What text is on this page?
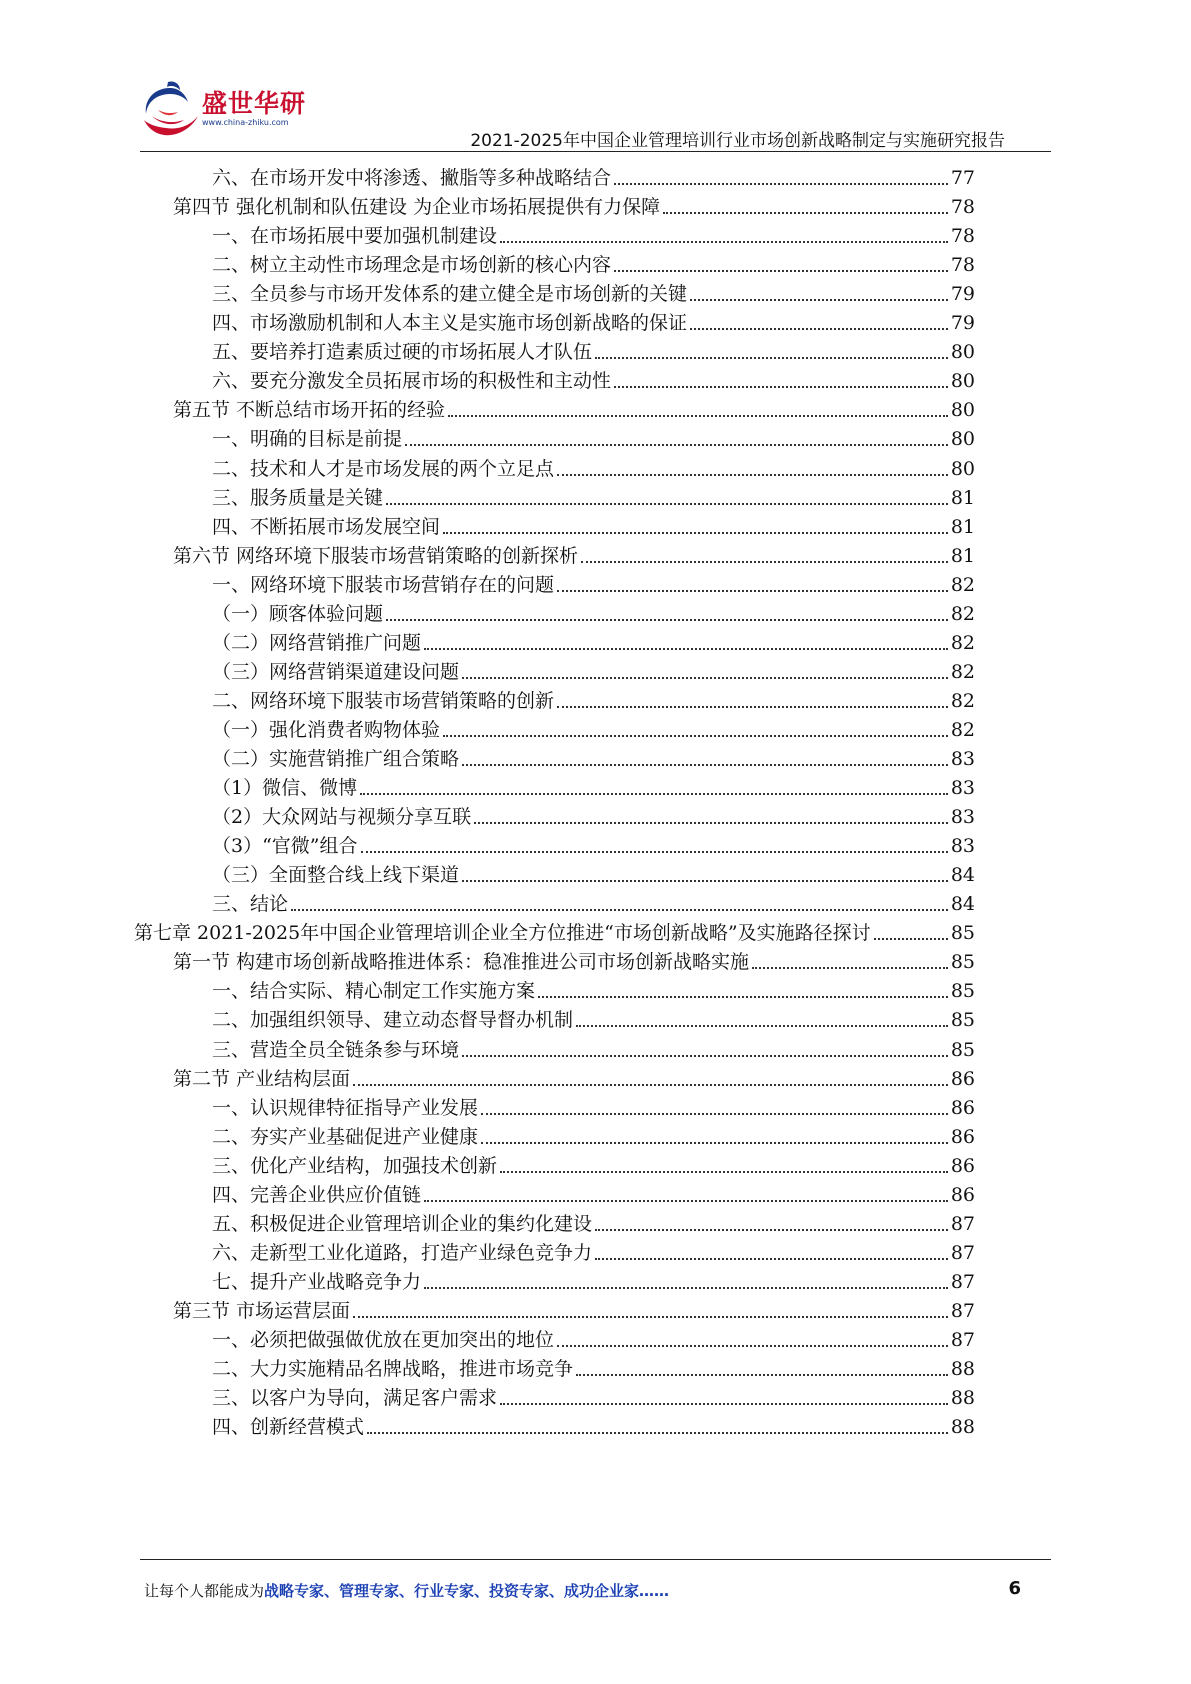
盛世华研
www.china-zhiku.com
2021-2025年中国企业管理培训行业市场创新战略制定与实施研究报告
六、在市场开发中将渗透、撇脂等多种战略结合	77
第四节 强化机制和队伍建设 为企业市场拓展提供有力保障	78
一、在市场拓展中要加强机制建设	78
二、树立主动性市场理念是市场创新的核心内容	78
三、全员参与市场开发体系的建立健全是市场创新的关键	79
四、市场激励机制和人本主义是实施市场创新战略的保证	79
五、要培养打造素质过硬的市场拓展人才队伍	80
六、要充分激发全员拓展市场的积极性和主动性	80
第五节 不断总结市场开拓的经验	80
一、明确的目标是前提	80
二、技术和人才是市场发展的两个立足点	80
三、服务质量是关键	81
四、不断拓展市场发展空间	81
第六节 网络环境下服装市场营销策略的创新探析	81
一、网络环境下服装市场营销存在的问题	82
（一）顾客体验问题	82
（二）网络营销推广问题	82
（三）网络营销渠道建设问题	82
二、网络环境下服装市场营销策略的创新	82
（一）强化消费者购物体验	82
（二）实施营销推广组合策略	83
（1）微信、微博	83
（2）大众网站与视频分享互联	83
（3）“官微”组合	83
（三）全面整合线上线下渠道	84
三、结论	84
第七章 2021-2025年中国企业管理培训企业全方位推进“市场创新战略”及实施路径探讨	85
第一节 构建市场创新战略推进体系：稳准推进公司市场创新战略实施	85
一、结合实际、精心制定工作实施方案	85
二、加强组织领导、建立动态督导督办机制	85
三、营造全员全链条参与环境	85
第二节 产业结构层面	86
一、认识规律特征指导产业发展	86
二、夯实产业基础促进产业健康	86
三、优化产业结构，加强技术创新	86
四、完善企业供应价值链	86
五、积极促进企业管理培训企业的集约化建设	87
六、走新型工业化道路，打造产业绿色竞争力	87
七、提升产业战略竞争力	87
第三节 市场运营层面	87
一、必须把做强做优放在更加突出的地位	87
二、大力实施精品名牌战略，推进市场竞争	88
三、以客户为导向，满足客户需求	88
四、创新经营模式	88
让每个人都能成为战略专家、管理专家、行业专家、投资专家、成功企业家……	6
